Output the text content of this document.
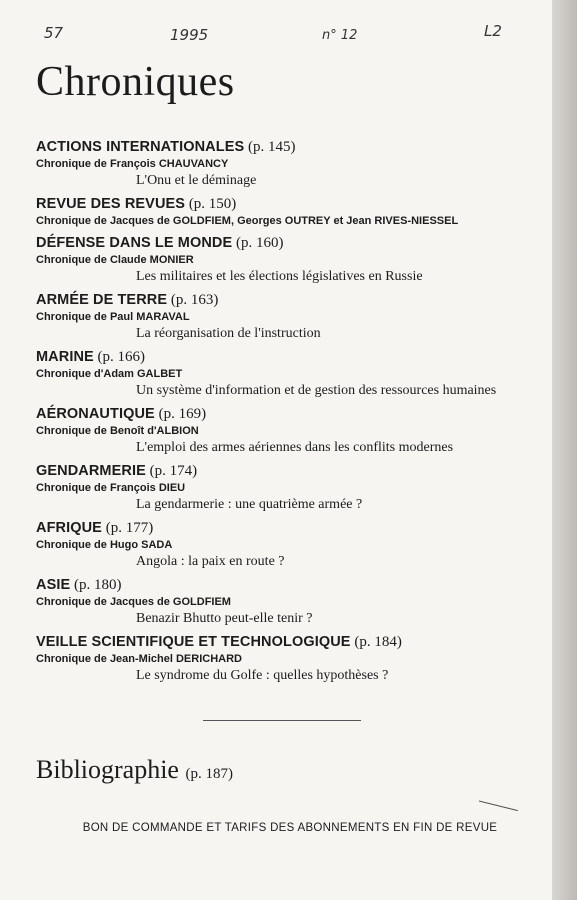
57	1995	n° 12	L2
Chroniques
ACTIONS INTERNATIONALES (p. 145)
Chronique de François CHAUVANCY
L'Onu et le déminage
REVUE DES REVUES (p. 150)
Chronique de Jacques de GOLDFIEM, Georges OUTREY et Jean RIVES-NIESSEL
DÉFENSE DANS LE MONDE (p. 160)
Chronique de Claude MONIER
Les militaires et les élections législatives en Russie
ARMÉE DE TERRE (p. 163)
Chronique de Paul MARAVAL
La réorganisation de l'instruction
MARINE (p. 166)
Chronique d'Adam GALBET
Un système d'information et de gestion des ressources humaines
AÉRONAUTIQUE (p. 169)
Chronique de Benoît d'ALBION
L'emploi des armes aériennes dans les conflits modernes
GENDARMERIE (p. 174)
Chronique de François DIEU
La gendarmerie : une quatrième armée ?
AFRIQUE (p. 177)
Chronique de Hugo SADA
Angola : la paix en route ?
ASIE (p. 180)
Chronique de Jacques de GOLDFIEM
Benazir Bhutto peut-elle tenir ?
VEILLE SCIENTIFIQUE ET TECHNOLOGIQUE (p. 184)
Chronique de Jean-Michel DERICHARD
Le syndrome du Golfe : quelles hypothèses ?
Bibliographie (p. 187)
BON DE COMMANDE ET TARIFS DES ABONNEMENTS EN FIN DE REVUE
